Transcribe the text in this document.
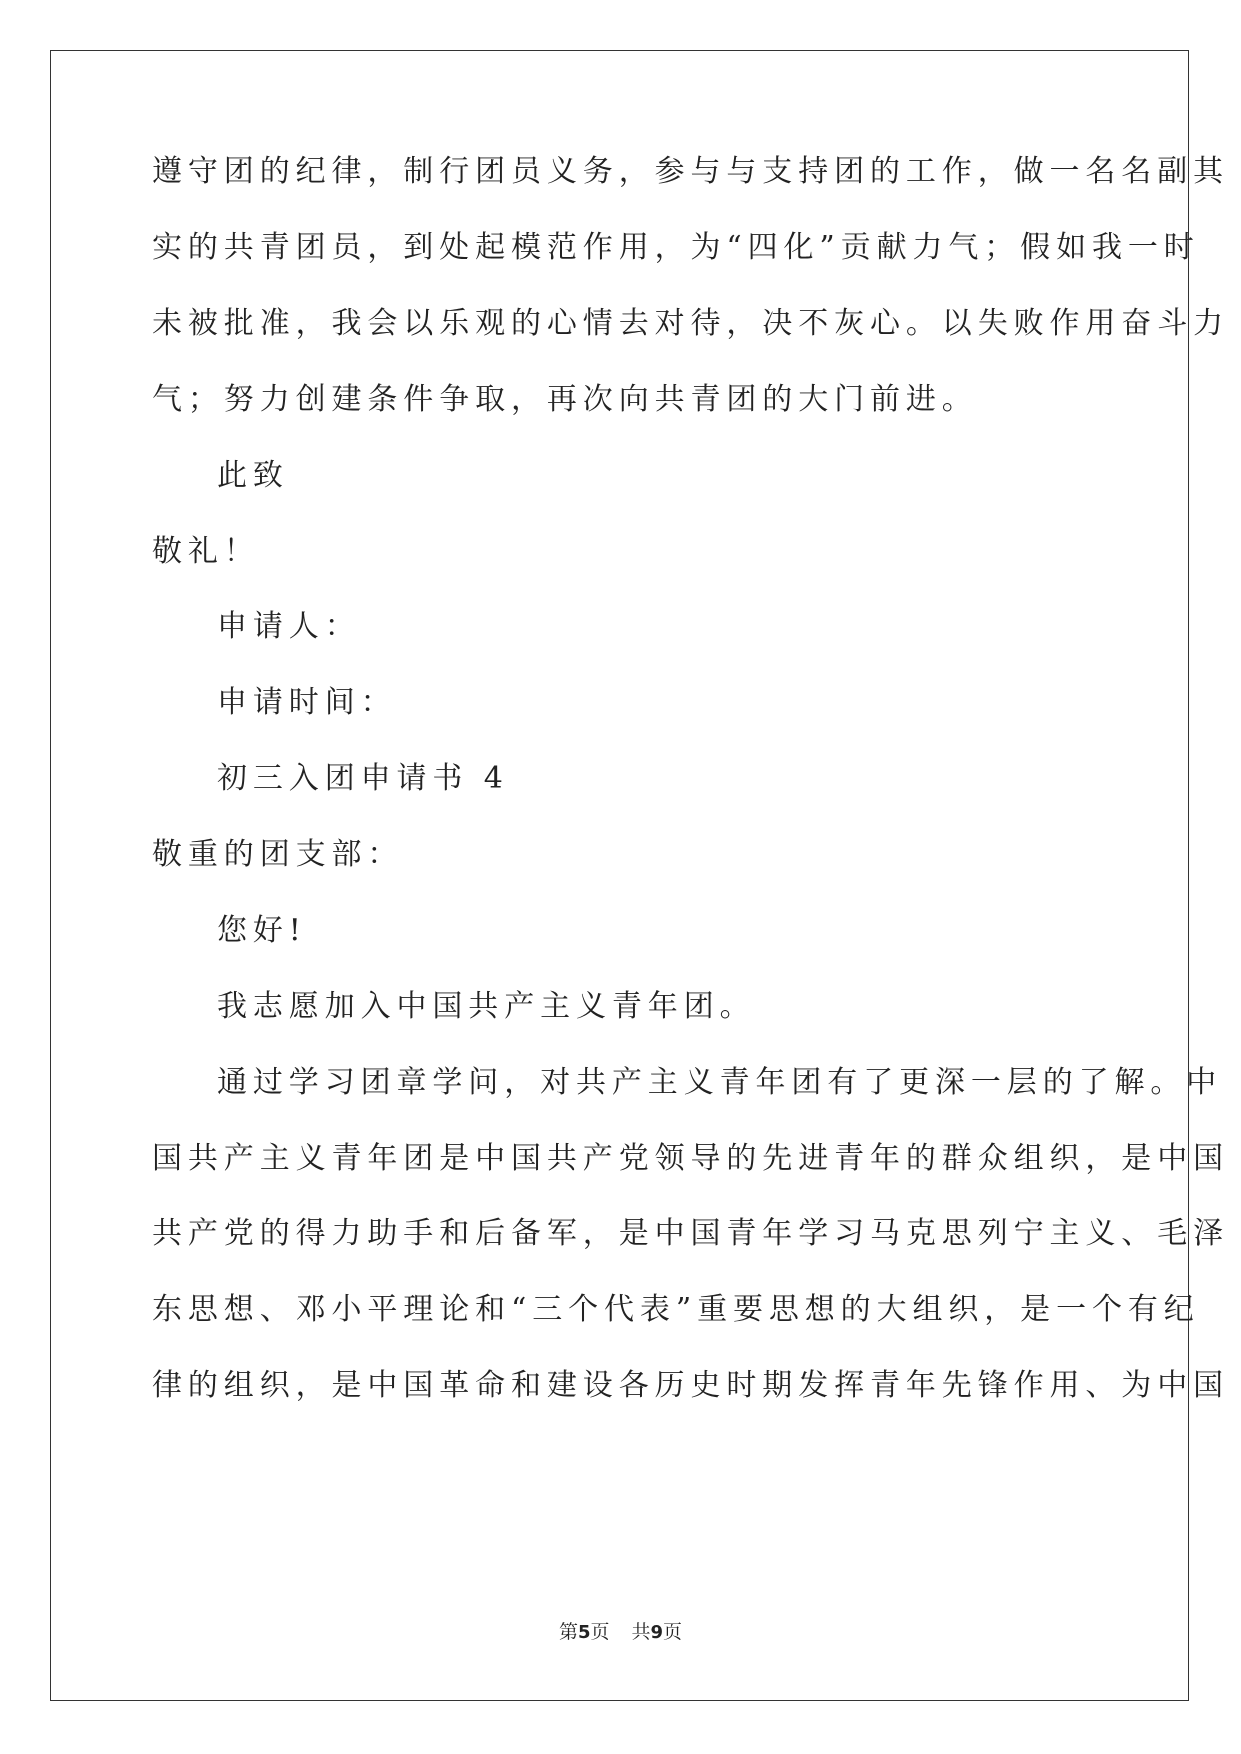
遵守团的纪律，制行团员义务，参与与支持团的工作，做一名名副其
实的共青团员，到处起模范作用，为“四化”贡献力气；假如我一时
未被批准，我会以乐观的心情去对待，决不灰心。以失败作用奋斗力
气；努力创建条件争取，再次向共青团的大门前进。
此致
敬礼！
申请人：
申请时间：
初三入团申请书 4
敬重的团支部：
您好!
我志愿加入中国共产主义青年团。
通过学习团章学问，对共产主义青年团有了更深一层的了解。中
国共产主义青年团是中国共产党领导的先进青年的群众组织，是中国
共产党的得力助手和后备军，是中国青年学习马克思列宁主义、毛泽
东思想、邓小平理论和“三个代表”重要思想的大组织，是一个有纪
律的组织，是中国革命和建设各历史时期发挥青年先锋作用、为中国
第5页 共9页
